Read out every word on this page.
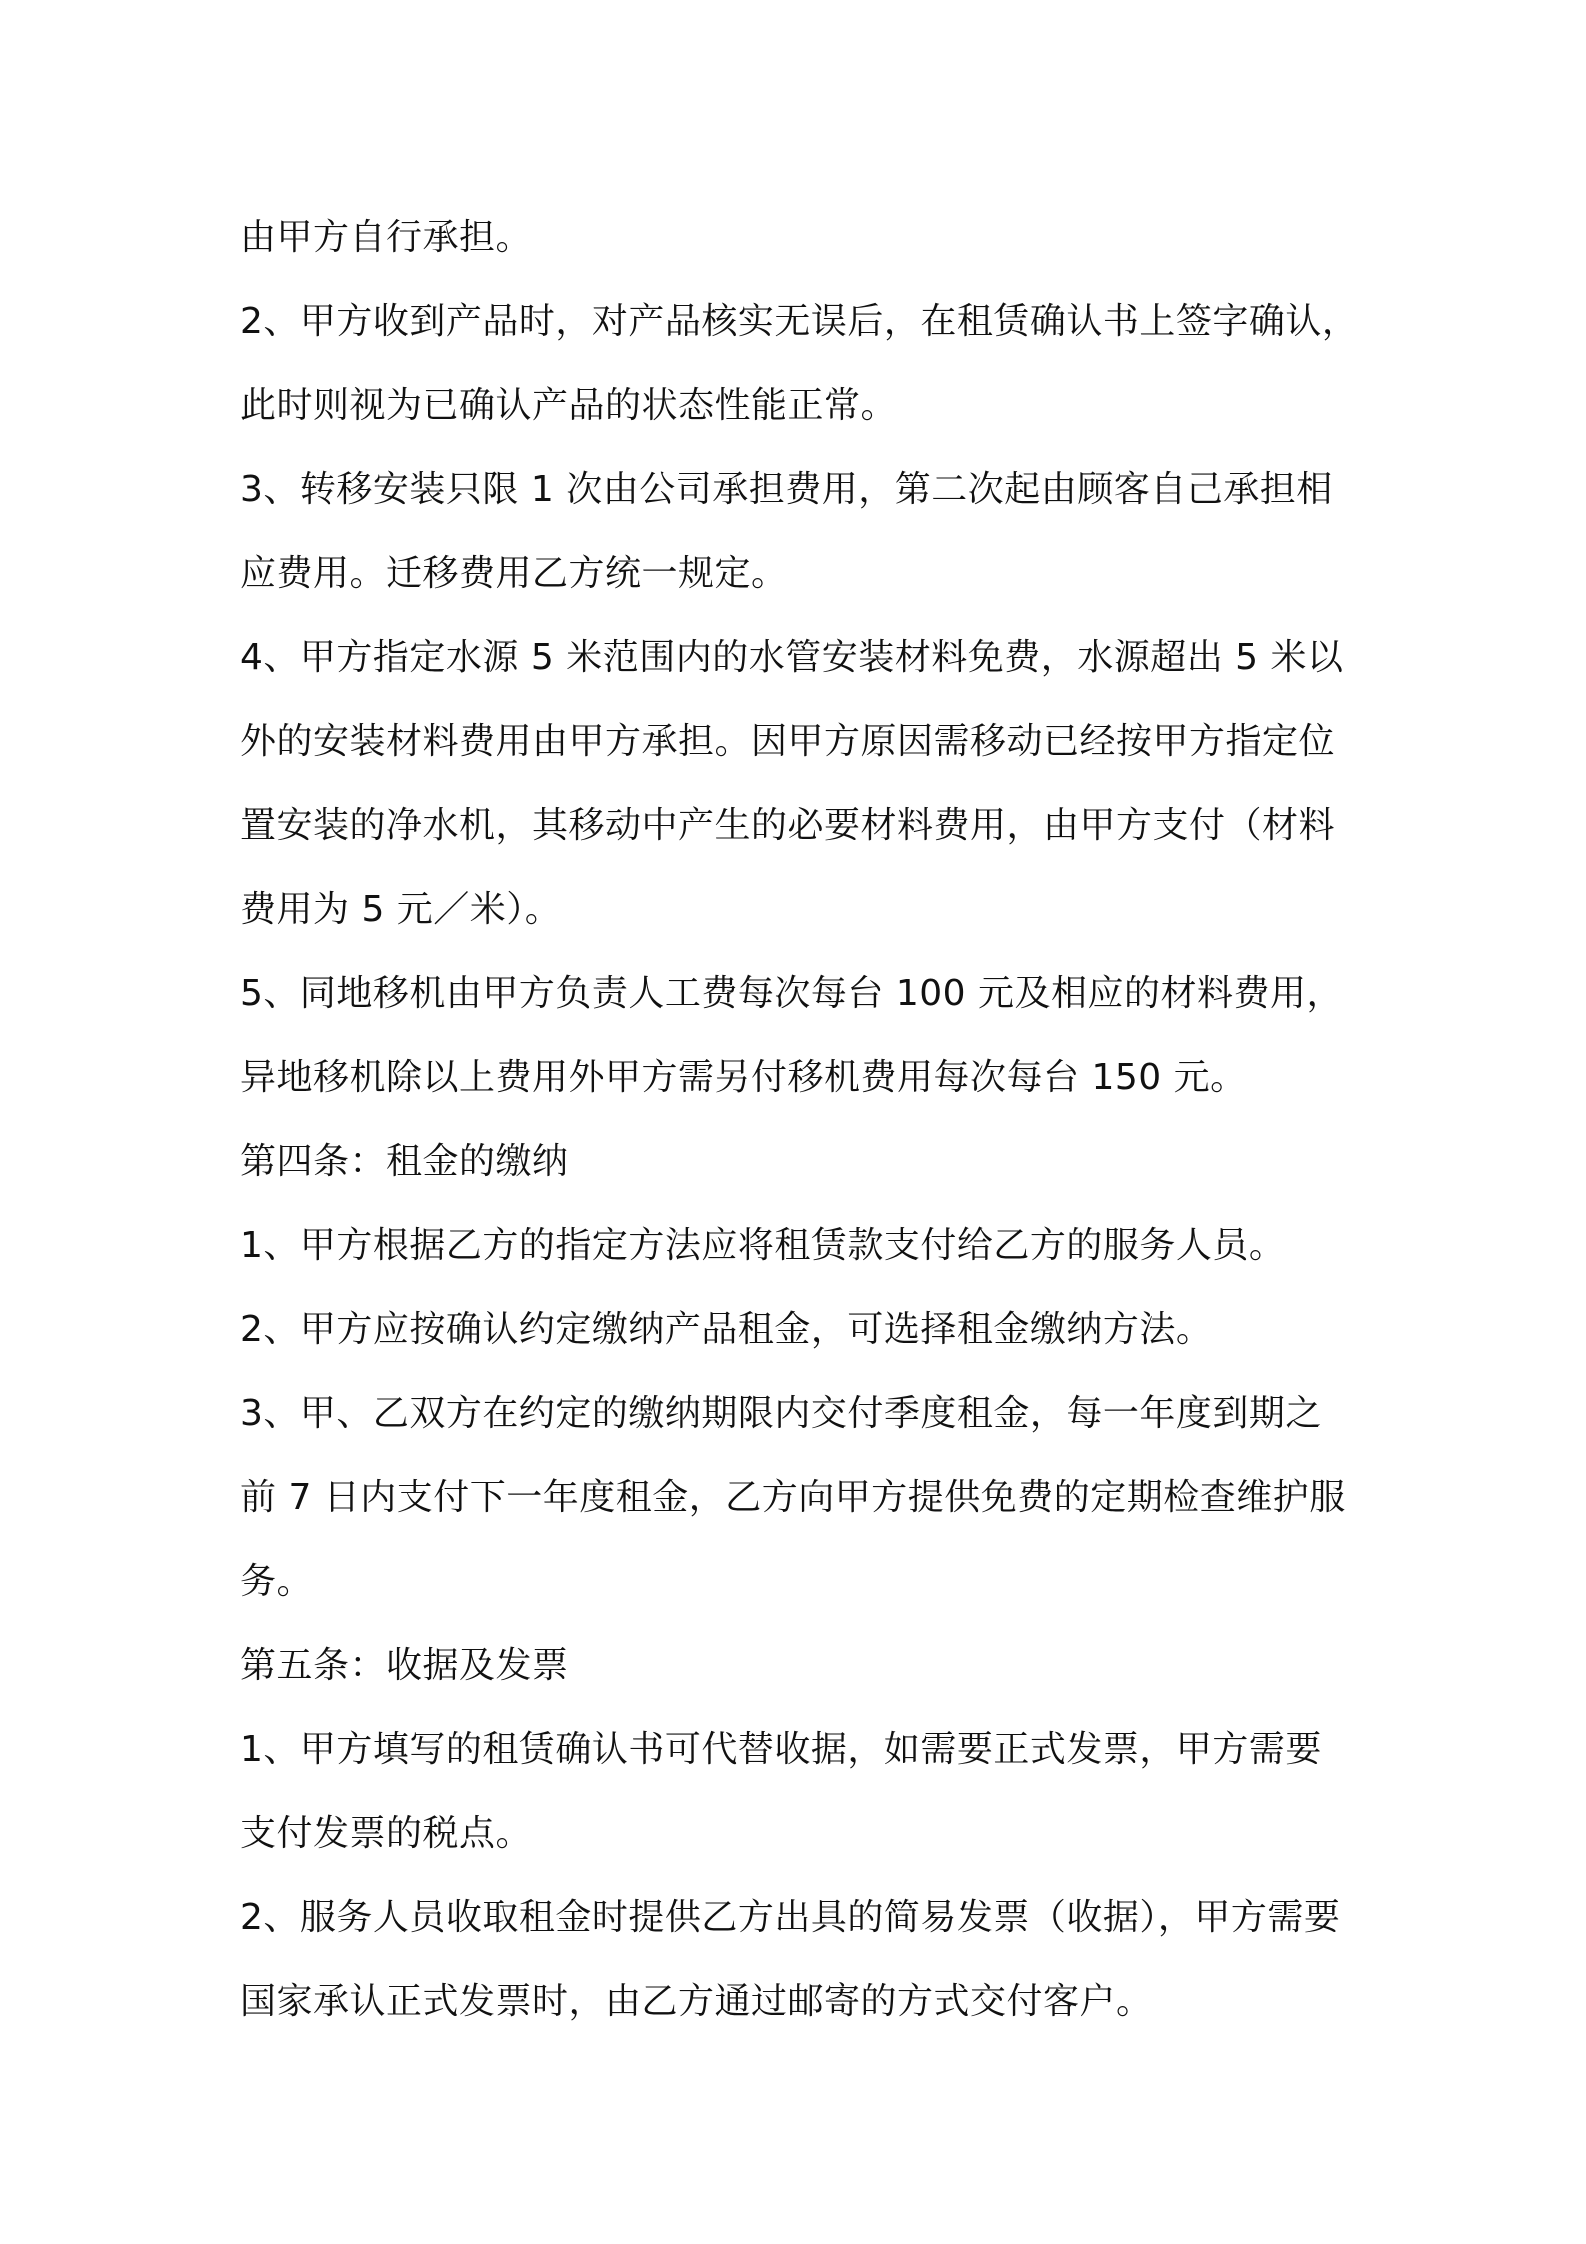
由甲方自行承担。
2、甲方收到产品时，对产品核实无误后，在租赁确认书上签字确认，
此时则视为已确认产品的状态性能正常。
3、转移安装只限 1 次由公司承担费用，第二次起由顾客自己承担相
应费用。迁移费用乙方统一规定。
4、甲方指定水源 5 米范围内的水管安装材料免费，水源超出 5 米以
外的安装材料费用由甲方承担。因甲方原因需移动已经按甲方指定位
置安装的净水机，其移动中产生的必要材料费用，由甲方支付（材料
费用为 5 元／米）。
5、同地移机由甲方负责人工费每次每台 100 元及相应的材料费用，
异地移机除以上费用外甲方需另付移机费用每次每台 150 元。
第四条：租金的缴纳
1、甲方根据乙方的指定方法应将租赁款支付给乙方的服务人员。
2、甲方应按确认约定缴纳产品租金，可选择租金缴纳方法。
3、甲、乙双方在约定的缴纳期限内交付季度租金，每一年度到期之
前 7 日内支付下一年度租金，乙方向甲方提供免费的定期检查维护服
务。
第五条：收据及发票
1、甲方填写的租赁确认书可代替收据，如需要正式发票，甲方需要
支付发票的税点。
2、服务人员收取租金时提供乙方出具的简易发票（收据），甲方需要
国家承认正式发票时，由乙方通过邮寄的方式交付客户。
